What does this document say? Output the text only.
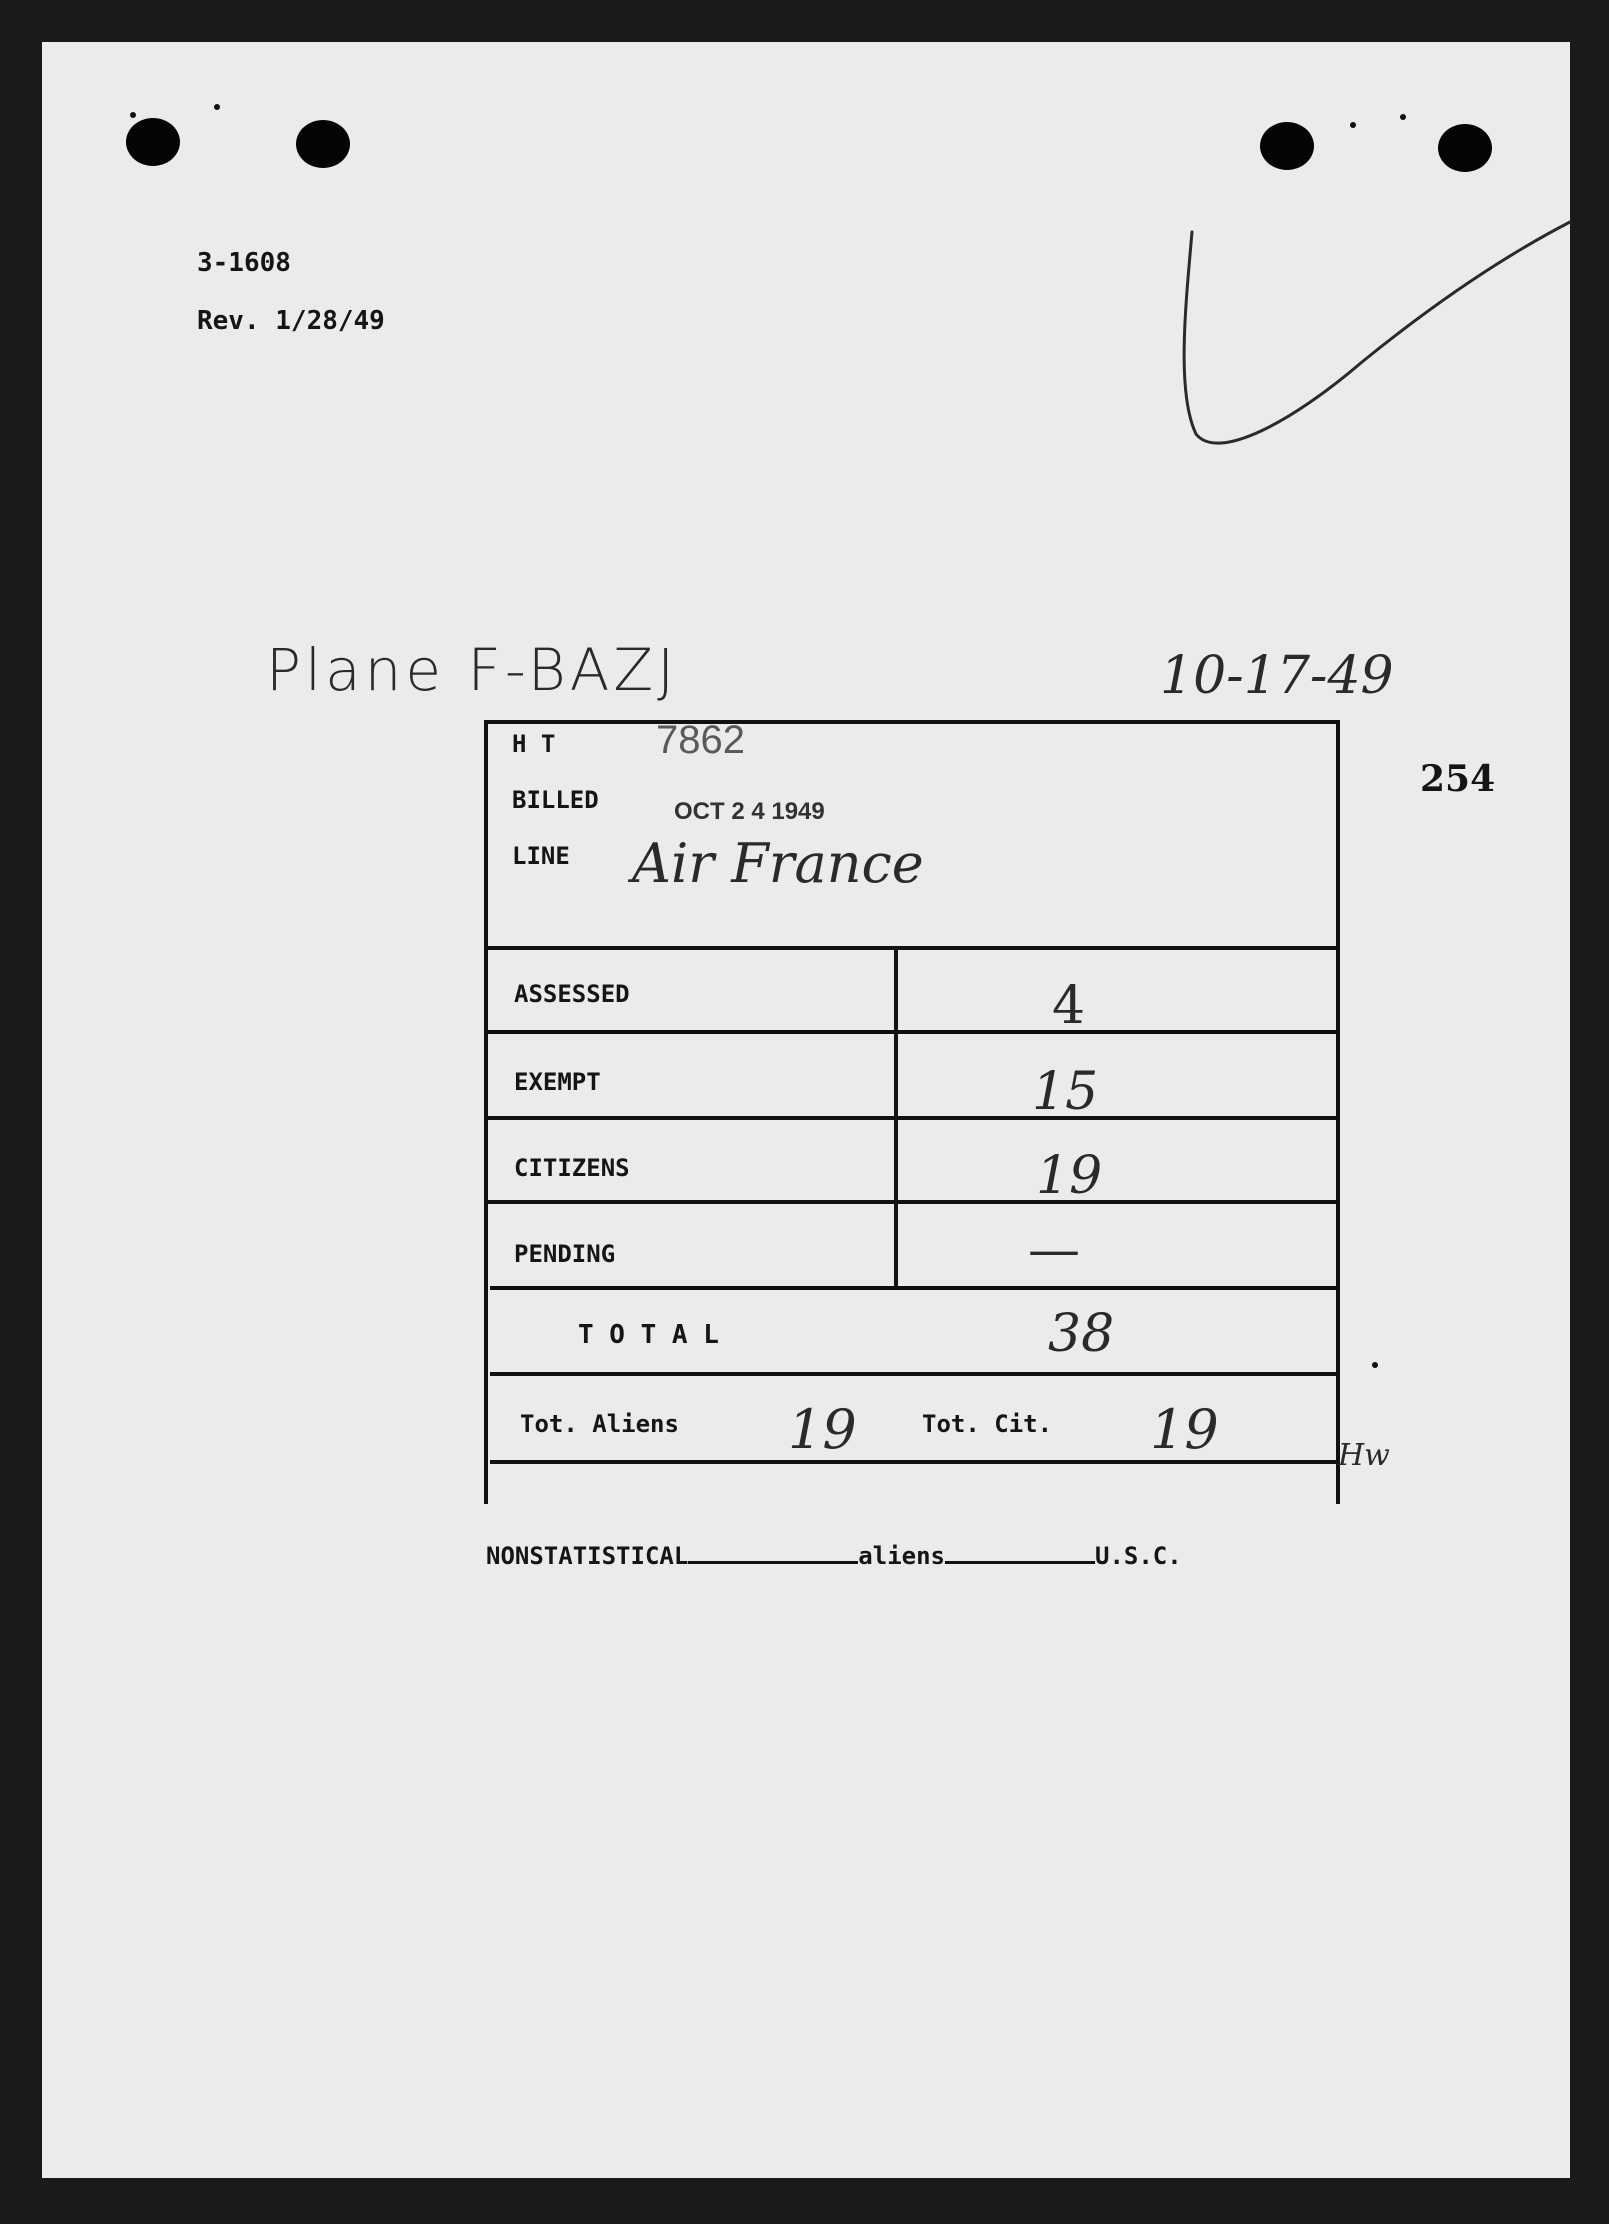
3-1608
Rev. 1/28/49
Plane F-BAZJ	10-17-49
254
H T	7862
BILLED	OCT 2 4 1949
LINE Air France
ASSESSED	4
EXEMPT	15
CITIZENS	19
PENDING	—
T O T A L	38
Tot. Aliens 19	Tot. Cit. 19	Hw
NONSTATISTICAL	aliens	U.S.C.
